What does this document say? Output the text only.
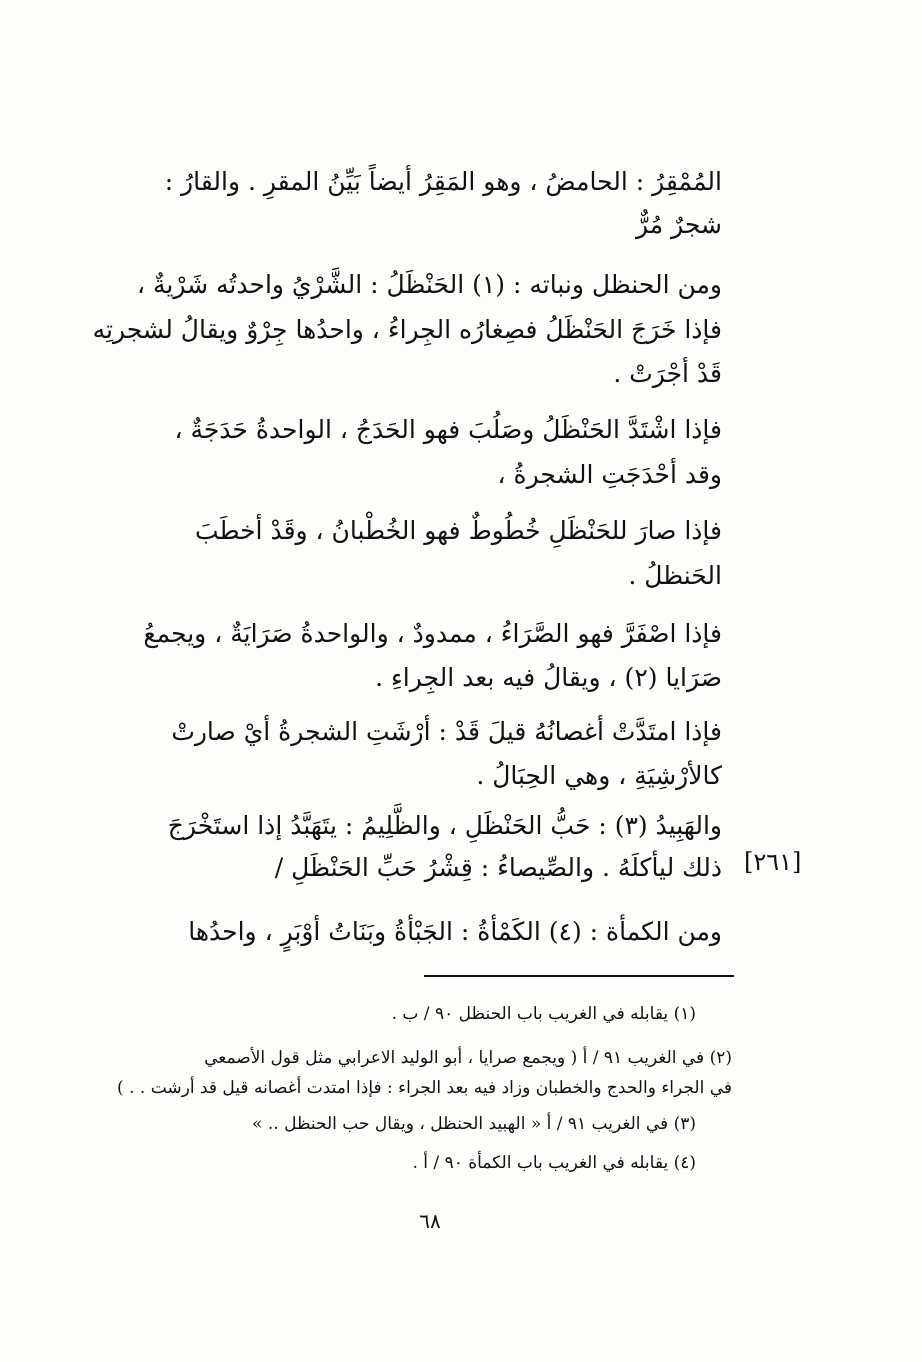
المُمْقِرُ : الحامضُ ، وهو المَقِرُ أيضاً بَيِّنُ المقرِ . والقارُ :
شجرٌ مُرٌّ
ومن الحنظل ونباته : (١) الحَنْظَلُ : الشَّرْيُ واحدتُه شَرْيةٌ ،
فإذا خَرَجَ الحَنْظَلُ فصِغارُه الجِراءُ ، واحدُها جِرْوٌ ويقالُ لشجرتِه
قَدْ أجْرَتْ .
فإذا اشْتَدَّ الحَنْظَلُ وصَلُبَ فهو الحَدَجُ ، الواحدةُ حَدَجَةٌ ،
وقد أحْدَجَتِ الشجرةُ ،
فإذا صارَ للحَنْظَلِ خُطُوطٌ فهو الخُطْبانُ ، وقَدْ أخطَبَ
الحَنظلُ .
فإذا اصْفَرَّ فهو الصَّرَاءُ ، ممدودٌ ، والواحدةُ صَرَايَةٌ ، ويجمعُ
صَرَايا (٢) ، ويقالُ فيه بعد الجِراءِ .
فإذا امتَدَّتْ أغصانُهُ قيلَ قَدْ : أرْشَتِ الشجرةُ أيْ صارتْ
كالأرْشِيَةِ ، وهي الحِبَالُ .
والهَبِيدُ (٣) : حَبُّ الحَنْظَلِ ، والظَّلِيمُ : يتَهَبَّدُ إذا استَخْرَجَ
ذلك ليأكلَهُ . والصِّيصاءُ : قِشْرُ حَبِّ الحَنْظَلِ / [٢٦١]
ومن الكمأة : (٤) الكَمْأةُ : الجَبْأةُ وبَنَاتُ أوْبَرٍ ، واحدُها
(١) يقابله في الغريب باب الحنظل ٩٠ / ب .
(٢) في الغريب ٩١ / أ ( ويجمع صرايا ، أبو الوليد الاعرابي مثل قول الأصمعي
في الجراء والحدج والخطبان وزاد فيه بعد الجراء : فإذا امتدت أغصانه قيل قد أرشت . . )
(٣) في الغريب ٩١ / أ « الهبيد الحنظل ، ويقال حب الحنظل .. »
(٤) يقابله في الغريب باب الكمأة ٩٠ / أ .
٦٨
